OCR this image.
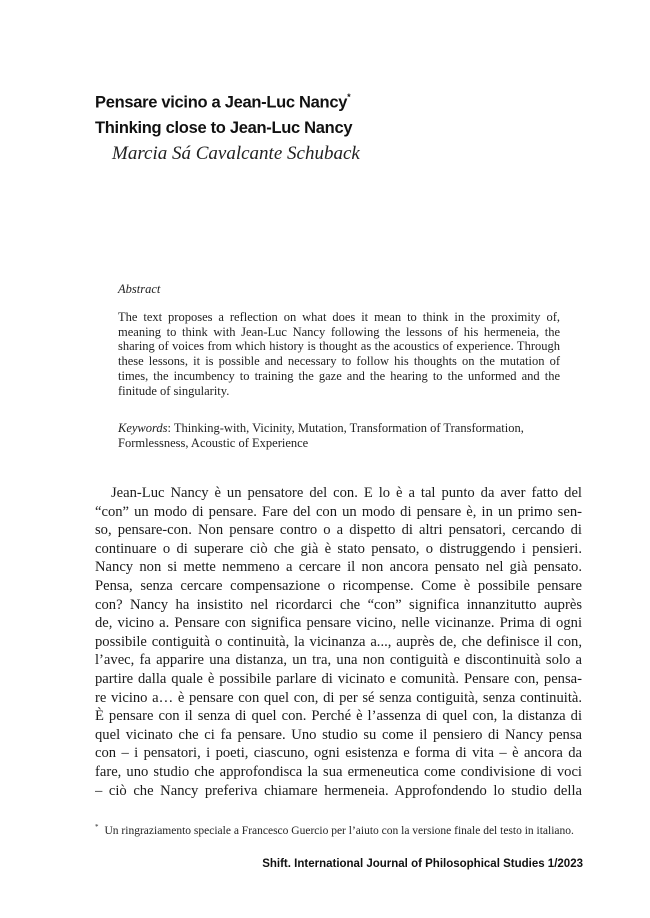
Pensare vicino a Jean-Luc Nancy*
Thinking close to Jean-Luc Nancy
Marcia Sá Cavalcante Schuback
Abstract
The text proposes a reflection on what does it mean to think in the proximity of, meaning to think with Jean-Luc Nancy following the lessons of his hermeneia, the sharing of voices from which history is thought as the acoustics of experience. Through these lessons, it is possible and necessary to follow his thoughts on the mutation of times, the incumbency to training the gaze and the hearing to the unformed and the finitude of singularity.
Keywords: Thinking-with, Vicinity, Mutation, Transformation of Transformation, Formlessness, Acoustic of Experience
Jean-Luc Nancy è un pensatore del con. E lo è a tal punto da aver fatto del
“con” un modo di pensare. Fare del con un modo di pensare è, in un primo sen-
so, pensare-con. Non pensare contro o a dispetto di altri pensatori, cercando di
continuare o di superare ciò che già è stato pensato, o distruggendo i pensieri.
Nancy non si mette nemmeno a cercare il non ancora pensato nel già pensato.
Pensa, senza cercare compensazione o ricompense. Come è possibile pensare
con? Nancy ha insistito nel ricordarci che “con” significa innanzitutto auprès
de, vicino a. Pensare con significa pensare vicino, nelle vicinanze. Prima di ogni
possibile contiguità o continuità, la vicinanza a..., auprès de, che definisce il con,
l’avec, fa apparire una distanza, un tra, una non contiguità e discontinuità solo a
partire dalla quale è possibile parlare di vicinato e comunità. Pensare con, pensa-
re vicino a… è pensare con quel con, di per sé senza contiguità, senza continuità.
È pensare con il senza di quel con. Perché è l’assenza di quel con, la distanza di
quel vicinato che ci fa pensare. Uno studio su come il pensiero di Nancy pensa
con – i pensatori, i poeti, ciascuno, ogni esistenza e forma di vita – è ancora da
fare, uno studio che approfondisca la sua ermeneutica come condivisione di voci
– ciò che Nancy preferiva chiamare hermeneia. Approfondendo lo studio della
* Un ringraziamento speciale a Francesco Guercio per l’aiuto con la versione finale del testo in italiano.
Shift. International Journal of Philosophical Studies 1/2023
